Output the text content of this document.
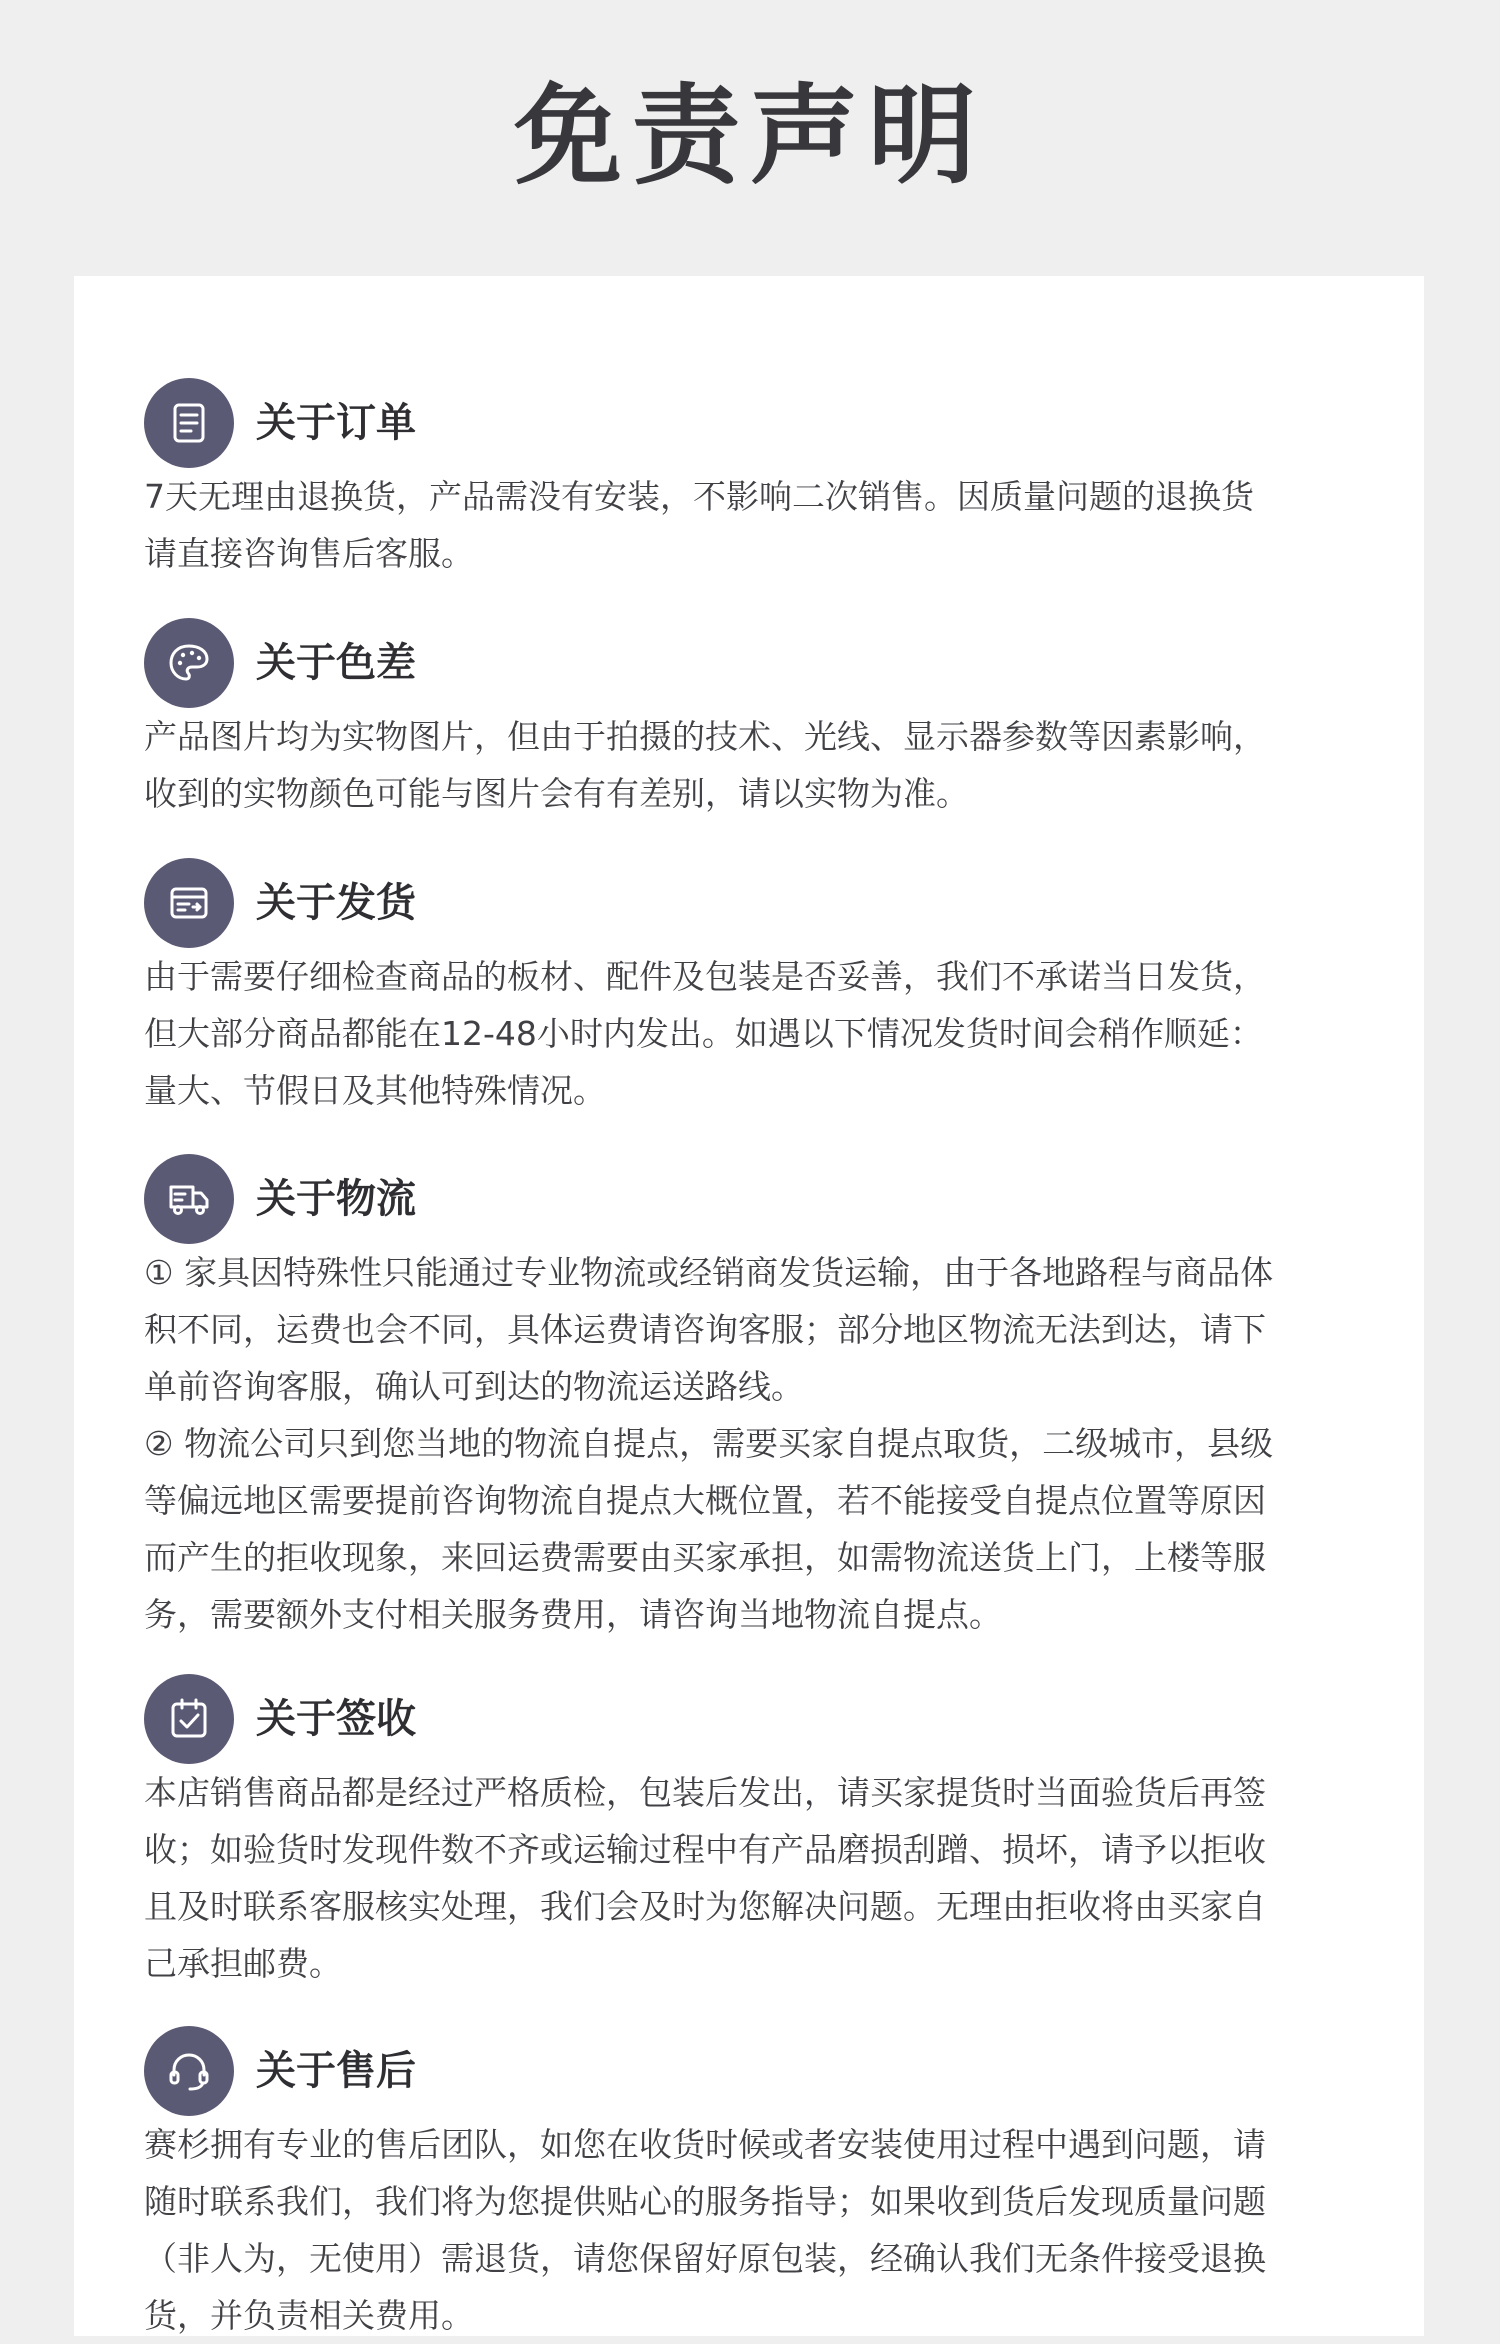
免责声明
关于订单

7天无理由退换货，产品需没有安装，不影响二次销售。因质量问题的退换货
请直接咨询售后客服。

关于色差

产品图片均为实物图片，但由于拍摄的技术、光线、显示器参数等因素影响，
收到的实物颜色可能与图片会有有差别，请以实物为准。

关于发货

由于需要仔细检查商品的板材、配件及包装是否妥善，我们不承诺当日发货，
但大部分商品都能在12-48小时内发出。如遇以下情况发货时间会稍作顺延：
量大、节假日及其他特殊情况。

关于物流

① 家具因特殊性只能通过专业物流或经销商发货运输，由于各地路程与商品体
积不同，运费也会不同，具体运费请咨询客服；部分地区物流无法到达，请下
单前咨询客服，确认可到达的物流运送路线。

② 物流公司只到您当地的物流自提点，需要买家自提点取货，二级城市，县级
等偏远地区需要提前咨询物流自提点大概位置，若不能接受自提点位置等原因
而产生的拒收现象，来回运费需要由买家承担，如需物流送货上门，上楼等服
务，需要额外支付相关服务费用，请咨询当地物流自提点。

关于签收

本店销售商品都是经过严格质检，包装后发出，请买家提货时当面验货后再签
收；如验货时发现件数不齐或运输过程中有产品磨损刮蹭、损坏，请予以拒收
且及时联系客服核实处理，我们会及时为您解决问题。无理由拒收将由买家自
己承担邮费。

关于售后

赛杉拥有专业的售后团队，如您在收货时候或者安装使用过程中遇到问题，请
随时联系我们，我们将为您提供贴心的服务指导；如果收到货后发现质量问题
（非人为，无使用）需退货，请您保留好原包装，经确认我们无条件接受退换
货，并负责相关费用。
